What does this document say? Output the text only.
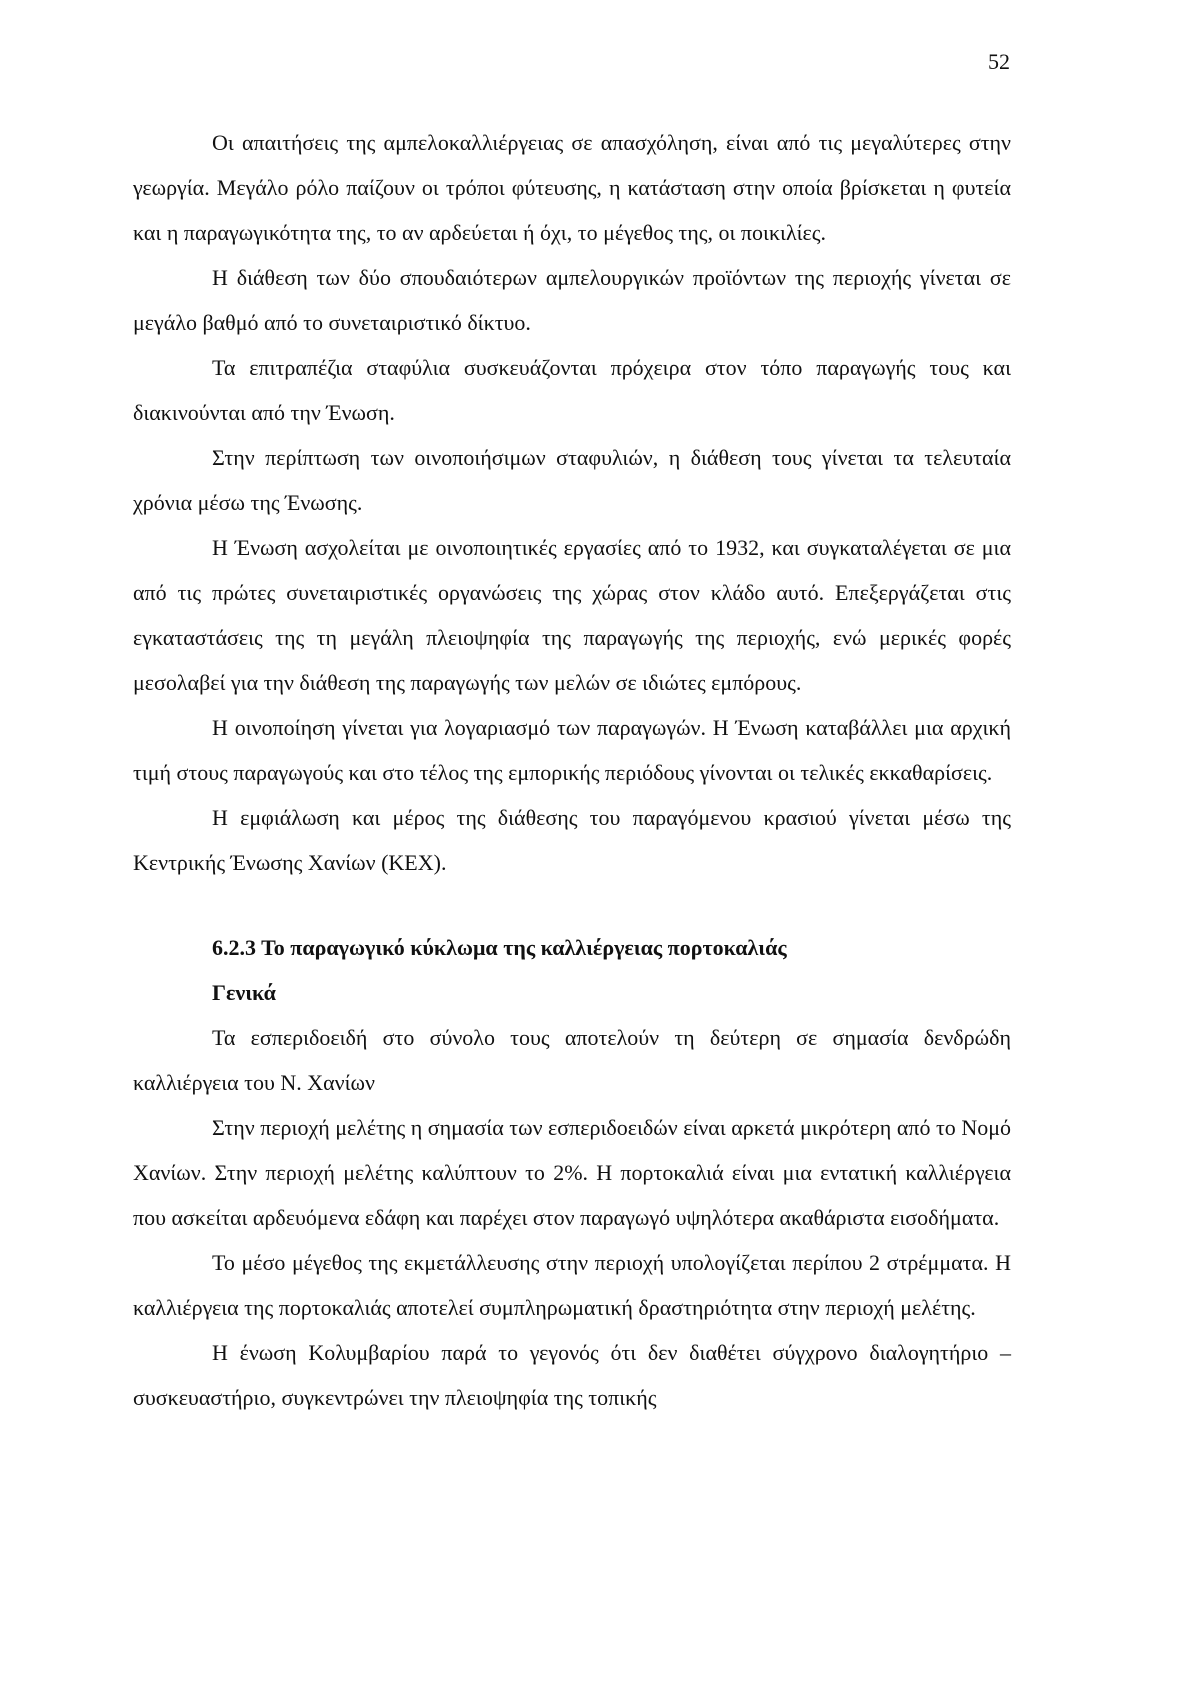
52

Οι απαιτήσεις της αμπελοκαλλιέργειας σε απασχόληση, είναι από τις μεγαλύτερες στην γεωργία. Μεγάλο ρόλο παίζουν οι τρόποι φύτευσης, η κατάσταση στην οποία βρίσκεται η φυτεία και η παραγωγικότητα της, το αν αρδεύεται ή όχι, το μέγεθος της, οι ποικιλίες.

Η διάθεση των δύο σπουδαιότερων αμπελουργικών προϊόντων της περιοχής γίνεται σε μεγάλο βαθμό από το συνεταιριστικό δίκτυο.

Τα επιτραπέζια σταφύλια συσκευάζονται πρόχειρα στον τόπο παραγωγής τους και διακινούνται από την Ένωση.

Στην περίπτωση των οινοποιήσιμων σταφυλιών, η διάθεση τους γίνεται τα τελευταία χρόνια μέσω της Ένωσης.

Η Ένωση ασχολείται με οινοποιητικές εργασίες από το 1932, και συγκαταλέγεται σε μια από τις πρώτες συνεταιριστικές οργανώσεις της χώρας στον κλάδο αυτό. Επεξεργάζεται στις εγκαταστάσεις της τη μεγάλη πλειοψηφία της παραγωγής της περιοχής, ενώ μερικές φορές μεσολαβεί για την διάθεση της παραγωγής των μελών σε ιδιώτες εμπόρους.

Η οινοποίηση γίνεται για λογαριασμό των παραγωγών. Η Ένωση καταβάλλει μια αρχική τιμή στους παραγωγούς και στο τέλος της εμπορικής περιόδους γίνονται οι τελικές εκκαθαρίσεις.

Η εμφιάλωση και μέρος της διάθεσης του παραγόμενου κρασιού γίνεται μέσω της Κεντρικής Ένωσης Χανίων (ΚΕΧ).

6.2.3 Το παραγωγικό κύκλωμα της καλλιέργειας πορτοκαλιάς
Γενικά

Τα εσπεριδοειδή στο σύνολο τους αποτελούν τη δεύτερη σε σημασία δενδρώδη καλλιέργεια του Ν. Χανίων

Στην περιοχή μελέτης η σημασία των εσπεριδοειδών είναι αρκετά μικρότερη από το Νομό Χανίων. Στην περιοχή μελέτης καλύπτουν το 2%. Η πορτοκαλιά είναι μια εντατική καλλιέργεια που ασκείται αρδευόμενα εδάφη και παρέχει στον παραγωγό υψηλότερα ακαθάριστα εισοδήματα.

Το μέσο μέγεθος της εκμετάλλευσης στην περιοχή υπολογίζεται περίπου 2 στρέμματα. Η καλλιέργεια της πορτοκαλιάς αποτελεί συμπληρωματική δραστηριότητα στην περιοχή μελέτης.

Η ένωση Κολυμβαρίου παρά το γεγονός ότι δεν διαθέτει σύγχρονο διαλογητήριο – συσκευαστήριο, συγκεντρώνει την πλειοψηφία της τοπικής
